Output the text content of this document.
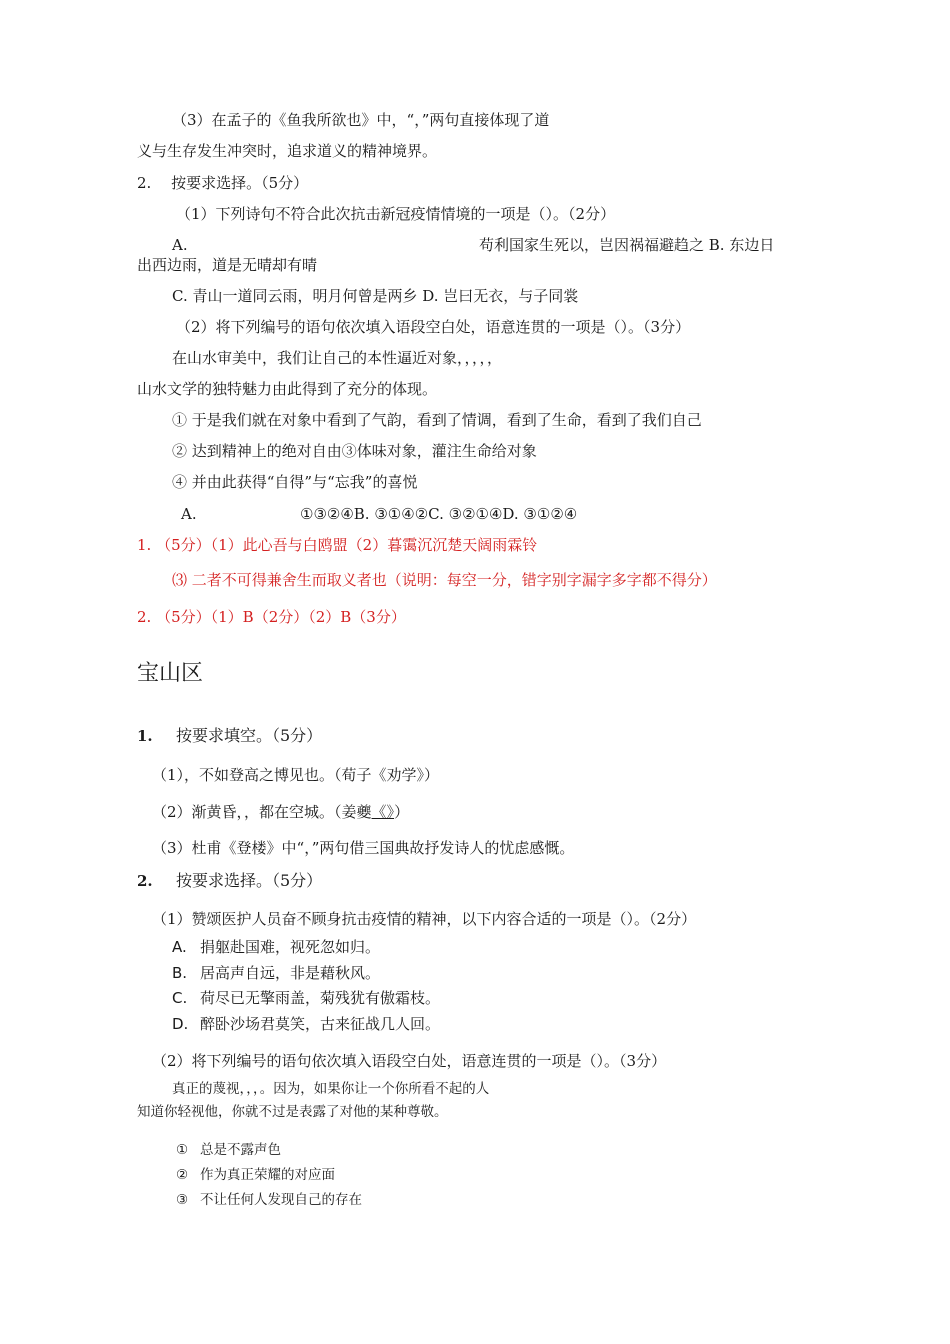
（3）在孟子的《鱼我所欲也》中，“，”两句直接体现了道

义与生存发生冲突时，追求道义的精神境界。

2.　 按要求选择。（5分）

（1）下列诗句不符合此次抗击新冠疫情情境的一项是（）。（2分）

A.	苟利国家生死以，岂因祸福避趋之 B. 东边日

出西边雨，道是无晴却有晴

C. 青山一道同云雨，明月何曾是两乡 D. 岂曰无衣，与子同裳

（2）将下列编号的语句依次填入语段空白处，语意连贯的一项是（）。（3分）

在山水审美中，我们让自己的本性逼近对象，，，，，

山水文学的独特魅力由此得到了充分的体现。

① 于是我们就在对象中看到了气韵，看到了情调，看到了生命，看到了我们自己

② 达到精神上的绝对自由③体味对象，灌注生命给对象

④ 并由此获得“自得”与“忘我”的喜悦

A.	①③②④B. ③①④②C. ③②①④D. ③①②④

1. （5分）（1）此心吾与白鸥盟（2）暮霭沉沉楚天阔雨霖铃

⑶ 二者不可得兼舍生而取义者也（说明：每空一分，错字别字漏字多字都不得分）

2. （5分）（1）B（2分）（2）B（3分）

宝山区

1. 按要求填空。（5分）

（1），不如登高之博见也。（荀子《劝学》）

（2）渐黄昏，，都在空城。（姜夔《》）

（3）杜甫《登楼》中“，”两句借三国典故抒发诗人的忧虑感慨。

2. 按要求选择。（5分）

（1）赞颂医护人员奋不顾身抗击疫情的精神，以下内容合适的一项是（）。（2分）

A. 捐躯赴国难，视死忽如归。

B. 居高声自远，非是藉秋风。

C. 荷尽已无擎雨盖，菊残犹有傲霜枝。

D. 醉卧沙场君莫笑，古来征战几人回。

（2）将下列编号的语句依次填入语段空白处，语意连贯的一项是（）。（3分）

真正的蔑视，，，。因为，如果你让一个你所看不起的人

知道你轻视他，你就不过是表露了对他的某种尊敬。

① 总是不露声色

② 作为真正荣耀的对应面

③ 不让任何人发现自己的存在
